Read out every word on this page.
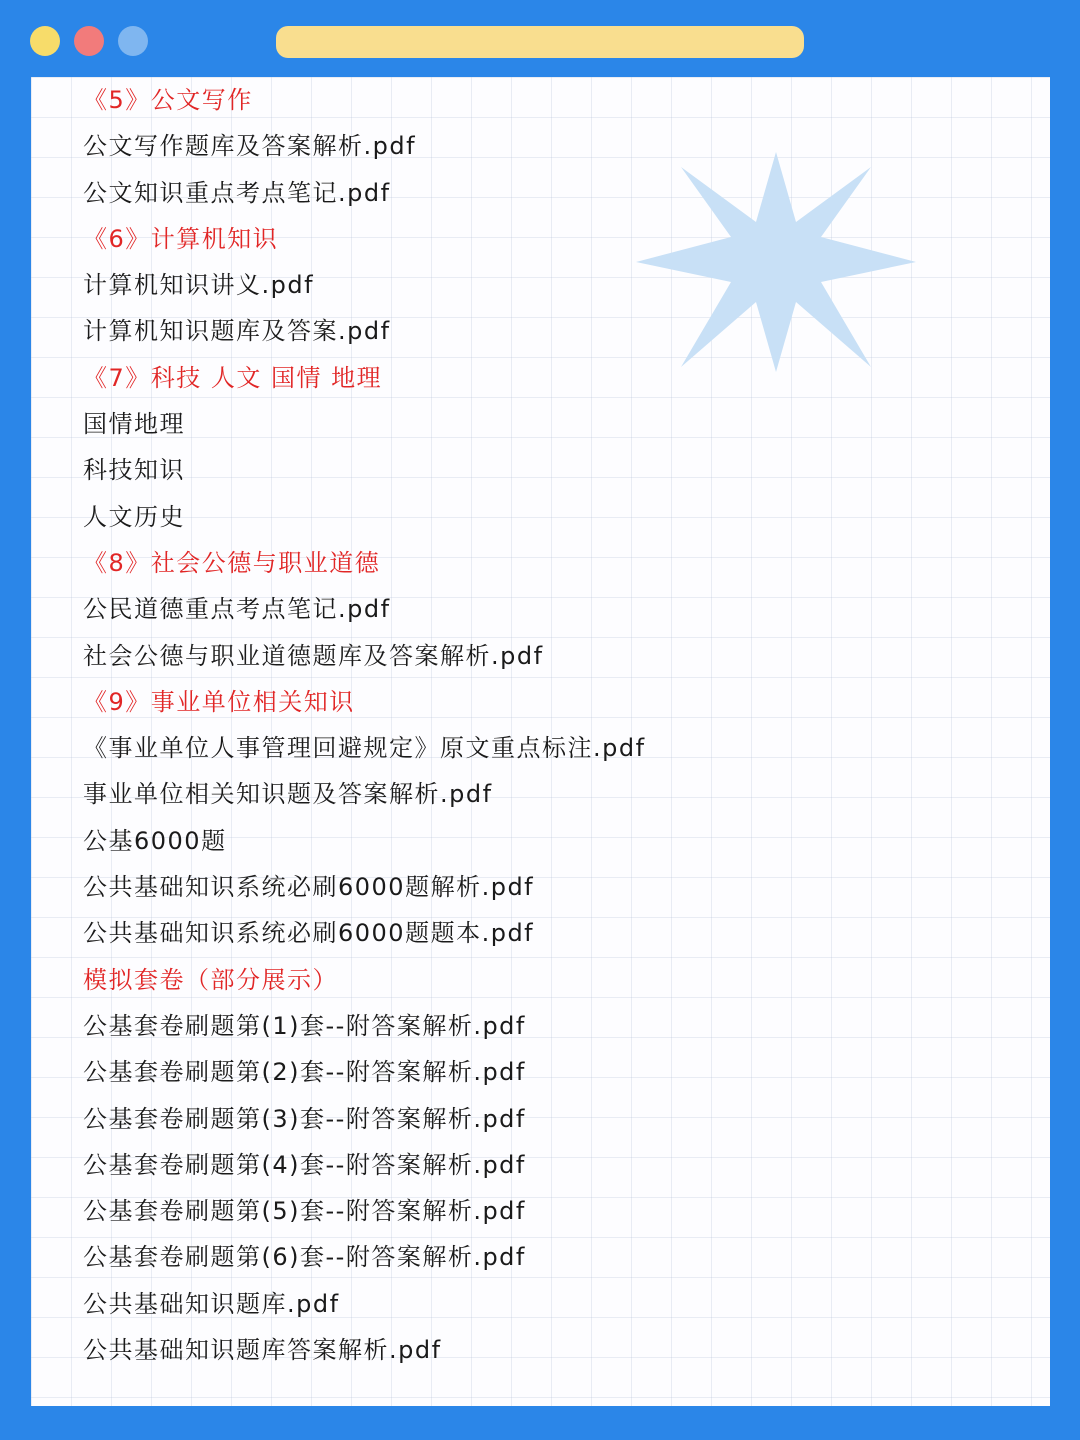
《5》公文写作
公文写作题库及答案解析.pdf
公文知识重点考点笔记.pdf
《6》计算机知识
计算机知识讲义.pdf
计算机知识题库及答案.pdf
《7》科技 人文 国情 地理
国情地理
科技知识
人文历史
《8》社会公德与职业道德
公民道德重点考点笔记.pdf
社会公德与职业道德题库及答案解析.pdf
《9》事业单位相关知识
《事业单位人事管理回避规定》原文重点标注.pdf
事业单位相关知识题及答案解析.pdf
公基6000题
公共基础知识系统必刷6000题解析.pdf
公共基础知识系统必刷6000题题本.pdf
模拟套卷（部分展示）
公基套卷刷题第(1)套--附答案解析.pdf
公基套卷刷题第(2)套--附答案解析.pdf
公基套卷刷题第(3)套--附答案解析.pdf
公基套卷刷题第(4)套--附答案解析.pdf
公基套卷刷题第(5)套--附答案解析.pdf
公基套卷刷题第(6)套--附答案解析.pdf
公共基础知识题库.pdf
公共基础知识题库答案解析.pdf
